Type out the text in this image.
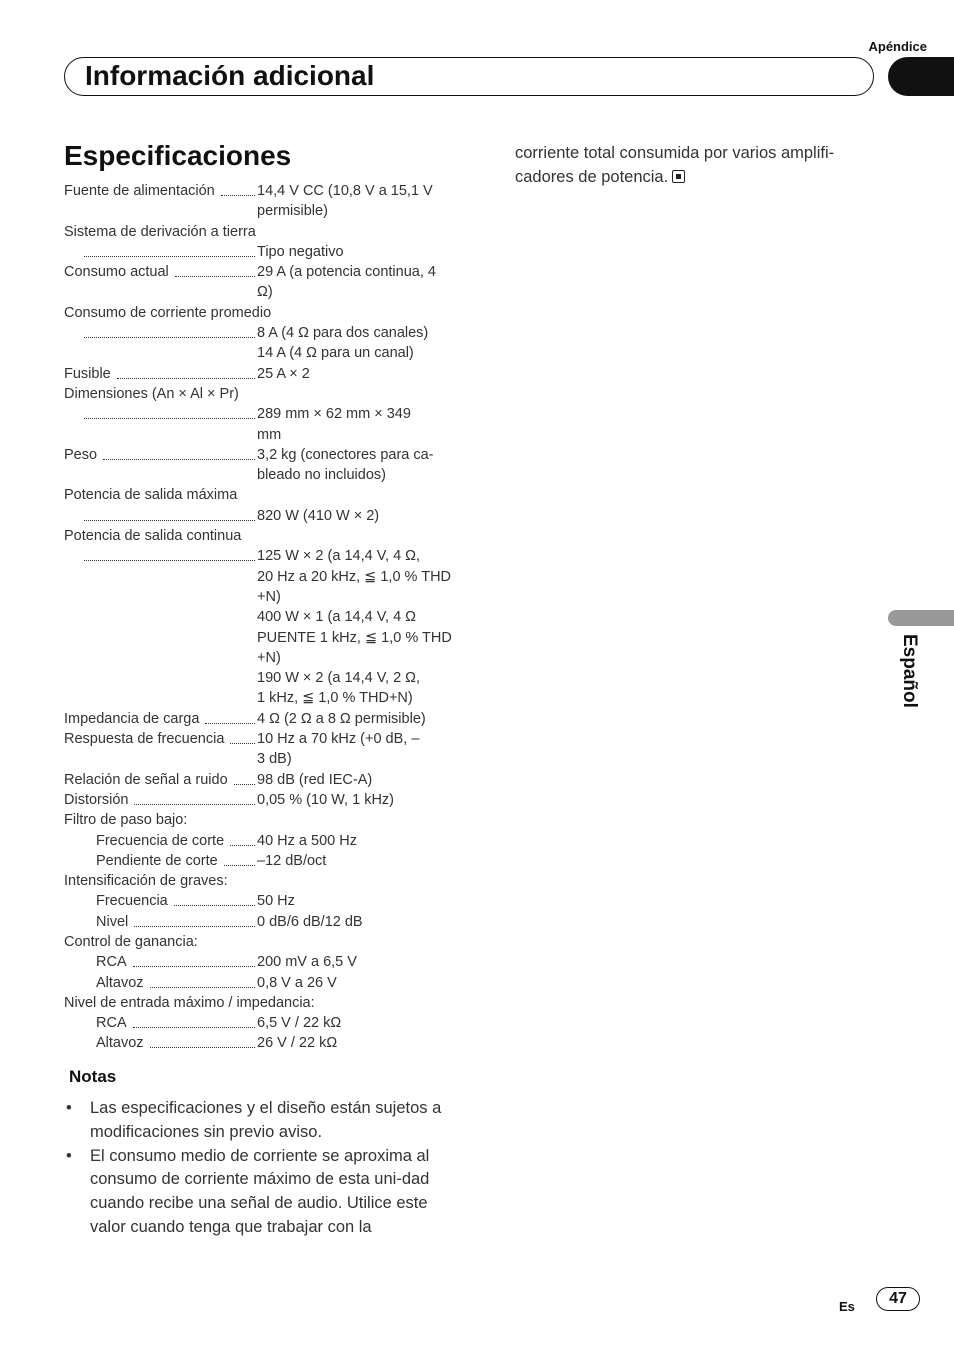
Apéndice
Información adicional
Español
Especificaciones
Fuente de alimentación	14,4 V CC (10,8 V a 15,1 V
permisible)
Sistema de derivación a tierra
Tipo negativo
Consumo actual	29 A (a potencia continua, 4
Ω)
Consumo de corriente promedio
8 A (4 Ω para dos canales)
14 A (4 Ω para un canal)
Fusible	25 A × 2
Dimensiones (An × Al × Pr)
289 mm × 62 mm × 349
mm
Peso	3,2 kg (conectores para ca-
bleado no incluidos)
Potencia de salida máxima
820 W (410 W × 2)
Potencia de salida continua
125 W × 2 (a 14,4 V, 4 Ω,
20 Hz a 20 kHz, ≦ 1,0 % THD
+N)
400 W × 1 (a 14,4 V, 4 Ω
PUENTE 1 kHz, ≦ 1,0 % THD
+N)
190 W × 2 (a 14,4 V, 2 Ω,
1 kHz, ≦ 1,0 % THD+N)
Impedancia de carga	4 Ω (2 Ω a 8 Ω permisible)
Respuesta de frecuencia 10 Hz a 70 kHz (+0 dB, –
3 dB)
Relación de señal a ruido 98 dB (red IEC-A)
Distorsión	0,05 % (10 W, 1 kHz)
Filtro de paso bajo:
Frecuencia de corte 40 Hz a 500 Hz
Pendiente de corte	–12 dB/oct
Intensificación de graves:
Frecuencia	50 Hz
Nivel	0 dB/6 dB/12 dB
Control de ganancia:
RCA	200 mV a 6,5 V
Altavoz	0,8 V a 26 V
Nivel de entrada máximo / impedancia:
RCA	6,5 V / 22 kΩ
Altavoz	26 V / 22 kΩ
Notas
• Las especificaciones y el diseño están sujetos a modificaciones sin previo aviso.
• El consumo medio de corriente se aproxima al consumo de corriente máximo de esta uni-dad cuando recibe una señal de audio. Utilice este valor cuando tenga que trabajar con la
corriente total consumida por varios amplifi-cadores de potencia.
Es	47
